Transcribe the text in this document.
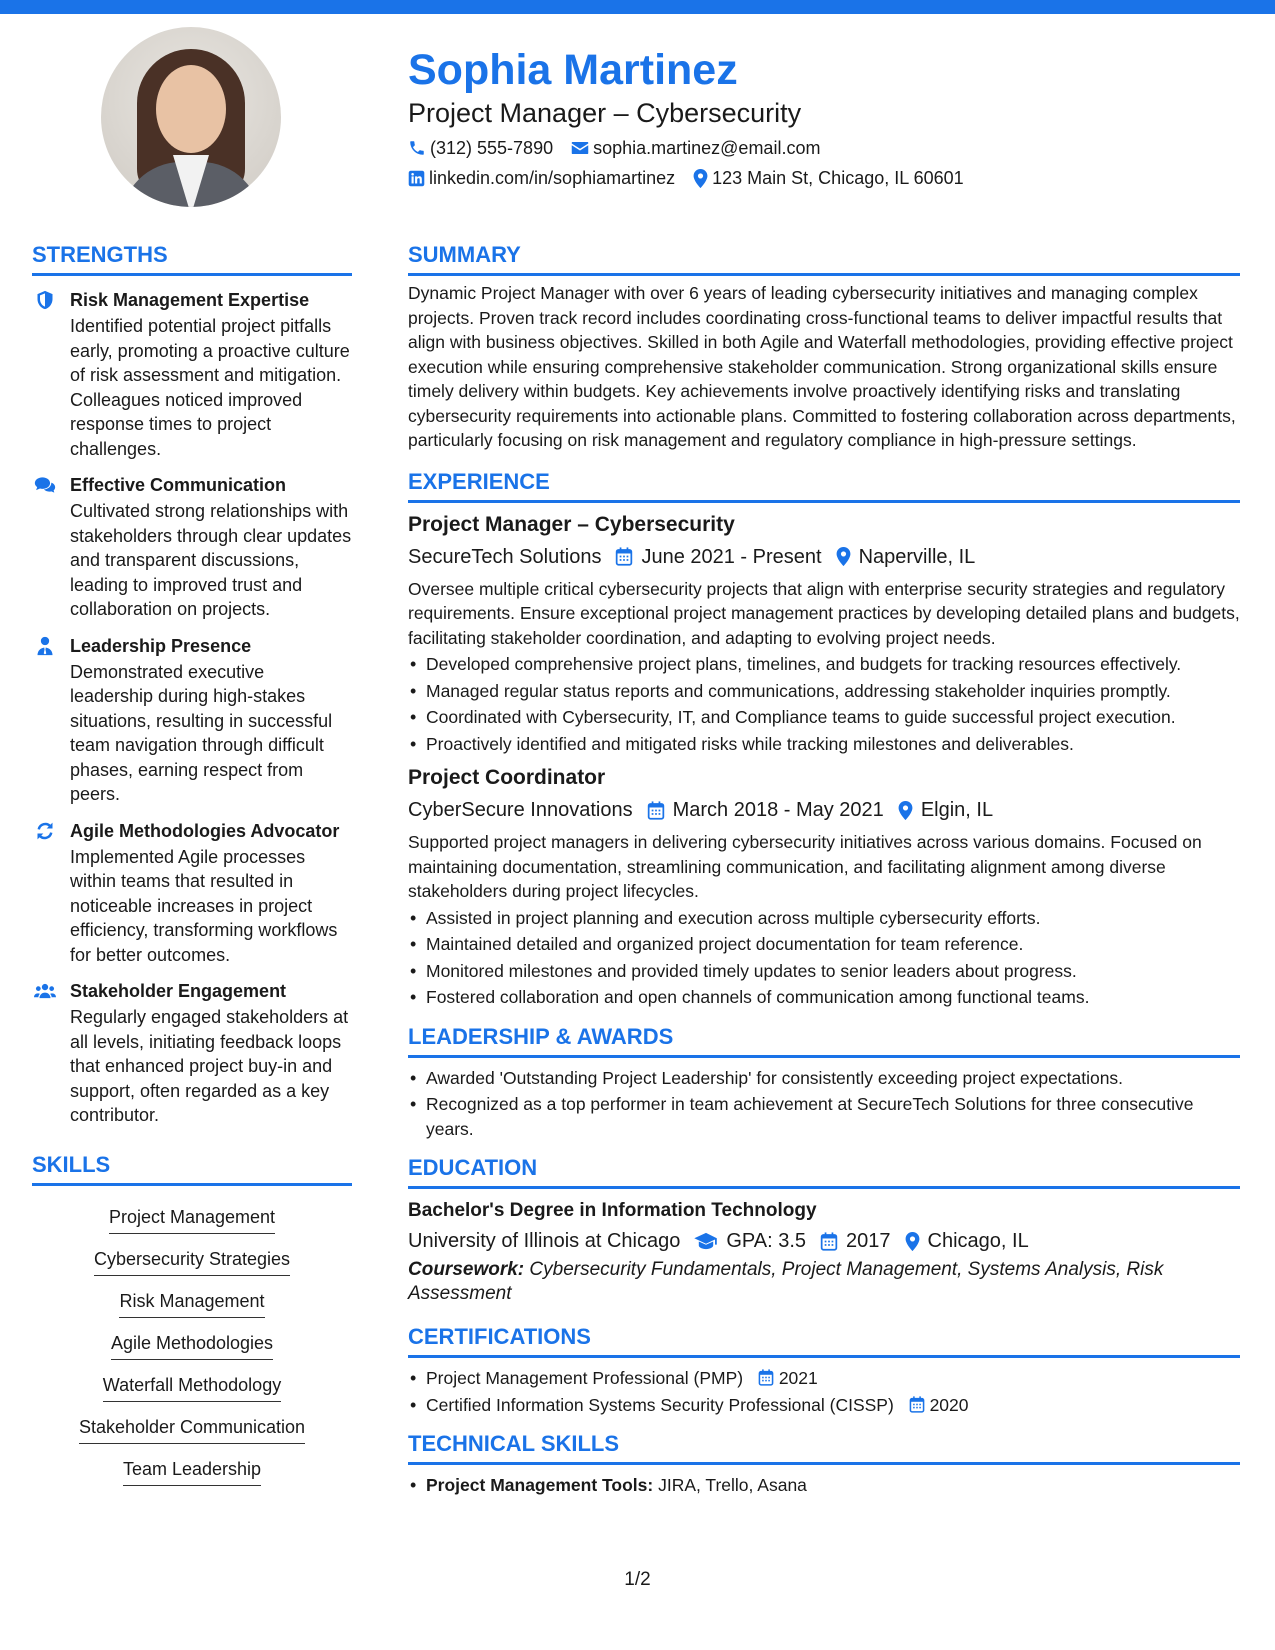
Sophia Martinez
Project Manager – Cybersecurity
(312) 555-7890 sophia.martinez@email.com
linkedin.com/in/sophiamartinez 123 Main St, Chicago, IL 60601
STRENGTHS
Risk Management Expertise
Identified potential project pitfalls early, promoting a proactive culture of risk assessment and mitigation. Colleagues noticed improved response times to project challenges.
Effective Communication
Cultivated strong relationships with stakeholders through clear updates and transparent discussions, leading to improved trust and collaboration on projects.
Leadership Presence
Demonstrated executive leadership during high-stakes situations, resulting in successful team navigation through difficult phases, earning respect from peers.
Agile Methodologies Advocator
Implemented Agile processes within teams that resulted in noticeable increases in project efficiency, transforming workflows for better outcomes.
Stakeholder Engagement
Regularly engaged stakeholders at all levels, initiating feedback loops that enhanced project buy-in and support, often regarded as a key contributor.
SKILLS
Project Management
Cybersecurity Strategies
Risk Management
Agile Methodologies
Waterfall Methodology
Stakeholder Communication
Team Leadership
SUMMARY
Dynamic Project Manager with over 6 years of leading cybersecurity initiatives and managing complex projects. Proven track record includes coordinating cross-functional teams to deliver impactful results that align with business objectives. Skilled in both Agile and Waterfall methodologies, providing effective project execution while ensuring comprehensive stakeholder communication. Strong organizational skills ensure timely delivery within budgets. Key achievements involve proactively identifying risks and translating cybersecurity requirements into actionable plans. Committed to fostering collaboration across departments, particularly focusing on risk management and regulatory compliance in high-pressure settings.
EXPERIENCE
Project Manager – Cybersecurity
SecureTech Solutions June 2021 - Present Naperville, IL
Oversee multiple critical cybersecurity projects that align with enterprise security strategies and regulatory requirements. Ensure exceptional project management practices by developing detailed plans and budgets, facilitating stakeholder coordination, and adapting to evolving project needs.
• Developed comprehensive project plans, timelines, and budgets for tracking resources effectively.
• Managed regular status reports and communications, addressing stakeholder inquiries promptly.
• Coordinated with Cybersecurity, IT, and Compliance teams to guide successful project execution.
• Proactively identified and mitigated risks while tracking milestones and deliverables.
Project Coordinator
CyberSecure Innovations March 2018 - May 2021 Elgin, IL
Supported project managers in delivering cybersecurity initiatives across various domains. Focused on maintaining documentation, streamlining communication, and facilitating alignment among diverse stakeholders during project lifecycles.
• Assisted in project planning and execution across multiple cybersecurity efforts.
• Maintained detailed and organized project documentation for team reference.
• Monitored milestones and provided timely updates to senior leaders about progress.
• Fostered collaboration and open channels of communication among functional teams.
LEADERSHIP & AWARDS
• Awarded 'Outstanding Project Leadership' for consistently exceeding project expectations.
• Recognized as a top performer in team achievement at SecureTech Solutions for three consecutive years.
EDUCATION
Bachelor's Degree in Information Technology
University of Illinois at Chicago GPA: 3.5 2017 Chicago, IL
Coursework: Cybersecurity Fundamentals, Project Management, Systems Analysis, Risk Assessment
CERTIFICATIONS
• Project Management Professional (PMP) 2021
• Certified Information Systems Security Professional (CISSP) 2020
TECHNICAL SKILLS
• Project Management Tools: JIRA, Trello, Asana
1/2
